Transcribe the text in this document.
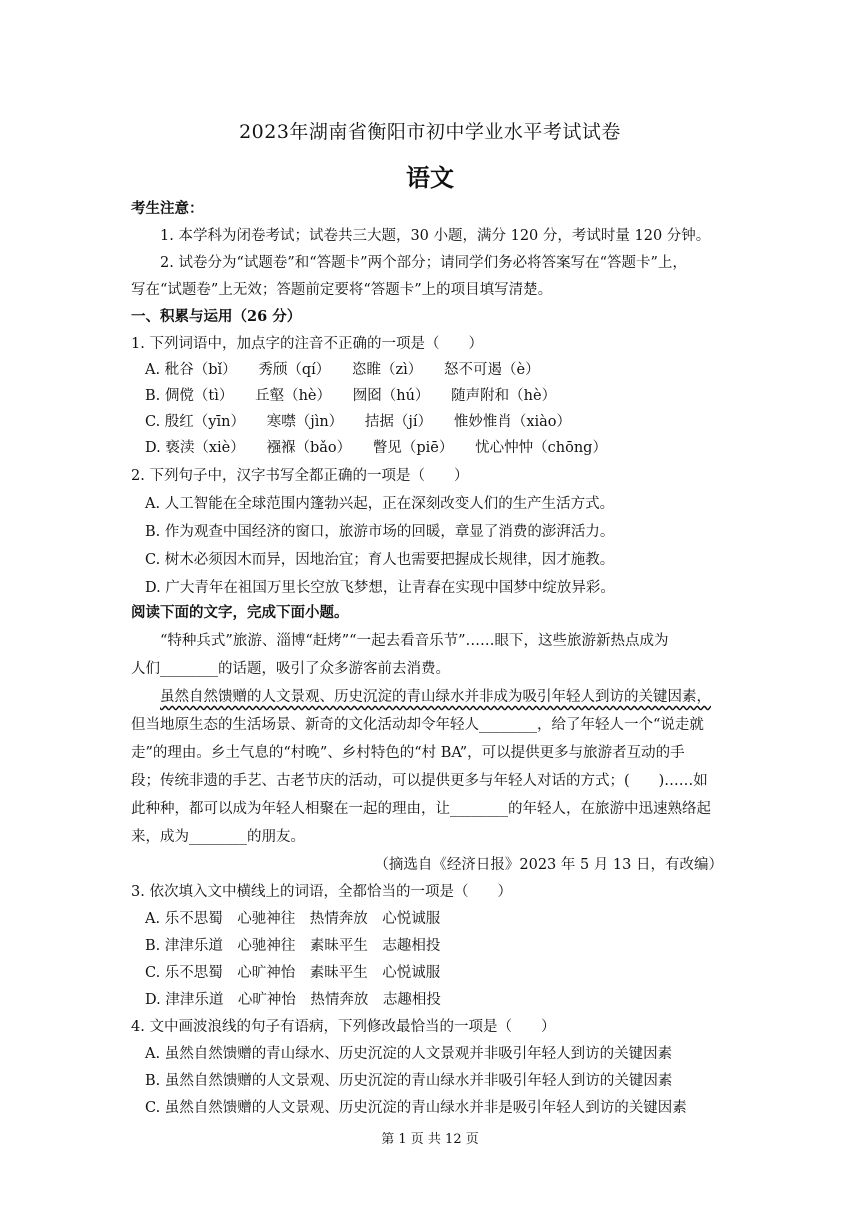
2023年湖南省衡阳市初中学业水平考试试卷
语文
考生注意：
1. 本学科为闭卷考试；试卷共三大题，30 小题，满分 120 分，考试时量 120 分钟。
2. 试卷分为“试题卷”和“答题卡”两个部分；请同学们务必将答案写在“答题卡”上，
写在“试题卷”上无效；答题前定要将“答题卡”上的项目填写清楚。
一、积累与运用（26 分）
1. 下列词语中，加点字的注音不正确的一项是（　　）
A. 秕谷（bǐ）　　秀颀（qí）　　恣睢（zì）　　怒不可遏（è）
B. 倜傥（tì）　　丘壑（hè）　　囫囵（hú）　　随声附和（hè）
C. 殷红（yīn）　　寒噤（jìn）　　拮据（jí）　　惟妙惟肖（xiào）
D. 亵渎（xiè）　　襁褓（bǎo）　　瞥见（piē）　　忧心忡忡（chōng）
2. 下列句子中，汉字书写全都正确的一项是（　　）
A. 人工智能在全球范围内篷勃兴起，正在深刻改变人们的生产生活方式。
B. 作为观查中国经济的窗口，旅游市场的回暖，章显了消费的澎湃活力。
C. 树木必须因木而异，因地治宜；育人也需要把握成长规律，因才施教。
D. 广大青年在祖国万里长空放飞梦想，让青春在实现中国梦中绽放异彩。
阅读下面的文字，完成下面小题。
“特种兵式”旅游、淄博“赶烤”“一起去看音乐节”……眼下，这些旅游新热点成为
人们________的话题，吸引了众多游客前去消费。
虽然自然馈赠的人文景观、历史沉淀的青山绿水并非成为吸引年轻人到访的关键因素，
但当地原生态的生活场景、新奇的文化活动却令年轻人________，给了年轻人一个“说走就
走”的理由。乡土气息的“村晚”、乡村特色的“村 BA”，可以提供更多与旅游者互动的手
段；传统非遗的手艺、古老节庆的活动，可以提供更多与年轻人对话的方式；(　　)……如
此种种，都可以成为年轻人相聚在一起的理由，让________的年轻人，在旅游中迅速熟络起
来，成为________的朋友。
（摘选自《经济日报》2023 年 5 月 13 日，有改编）
3. 依次填入文中横线上的词语，全都恰当的一项是（　　）
A. 乐不思蜀　心驰神往　热情奔放　心悦诚服
B. 津津乐道　心驰神往　素昧平生　志趣相投
C. 乐不思蜀　心旷神怡　素昧平生　心悦诚服
D. 津津乐道　心旷神怡　热情奔放　志趣相投
4. 文中画波浪线的句子有语病，下列修改最恰当的一项是（　　）
A. 虽然自然馈赠的青山绿水、历史沉淀的人文景观并非吸引年轻人到访的关键因素
B. 虽然自然馈赠的人文景观、历史沉淀的青山绿水并非吸引年轻人到访的关键因素
C. 虽然自然馈赠的人文景观、历史沉淀的青山绿水并非是吸引年轻人到访的关键因素
第 1 页 共 12 页
